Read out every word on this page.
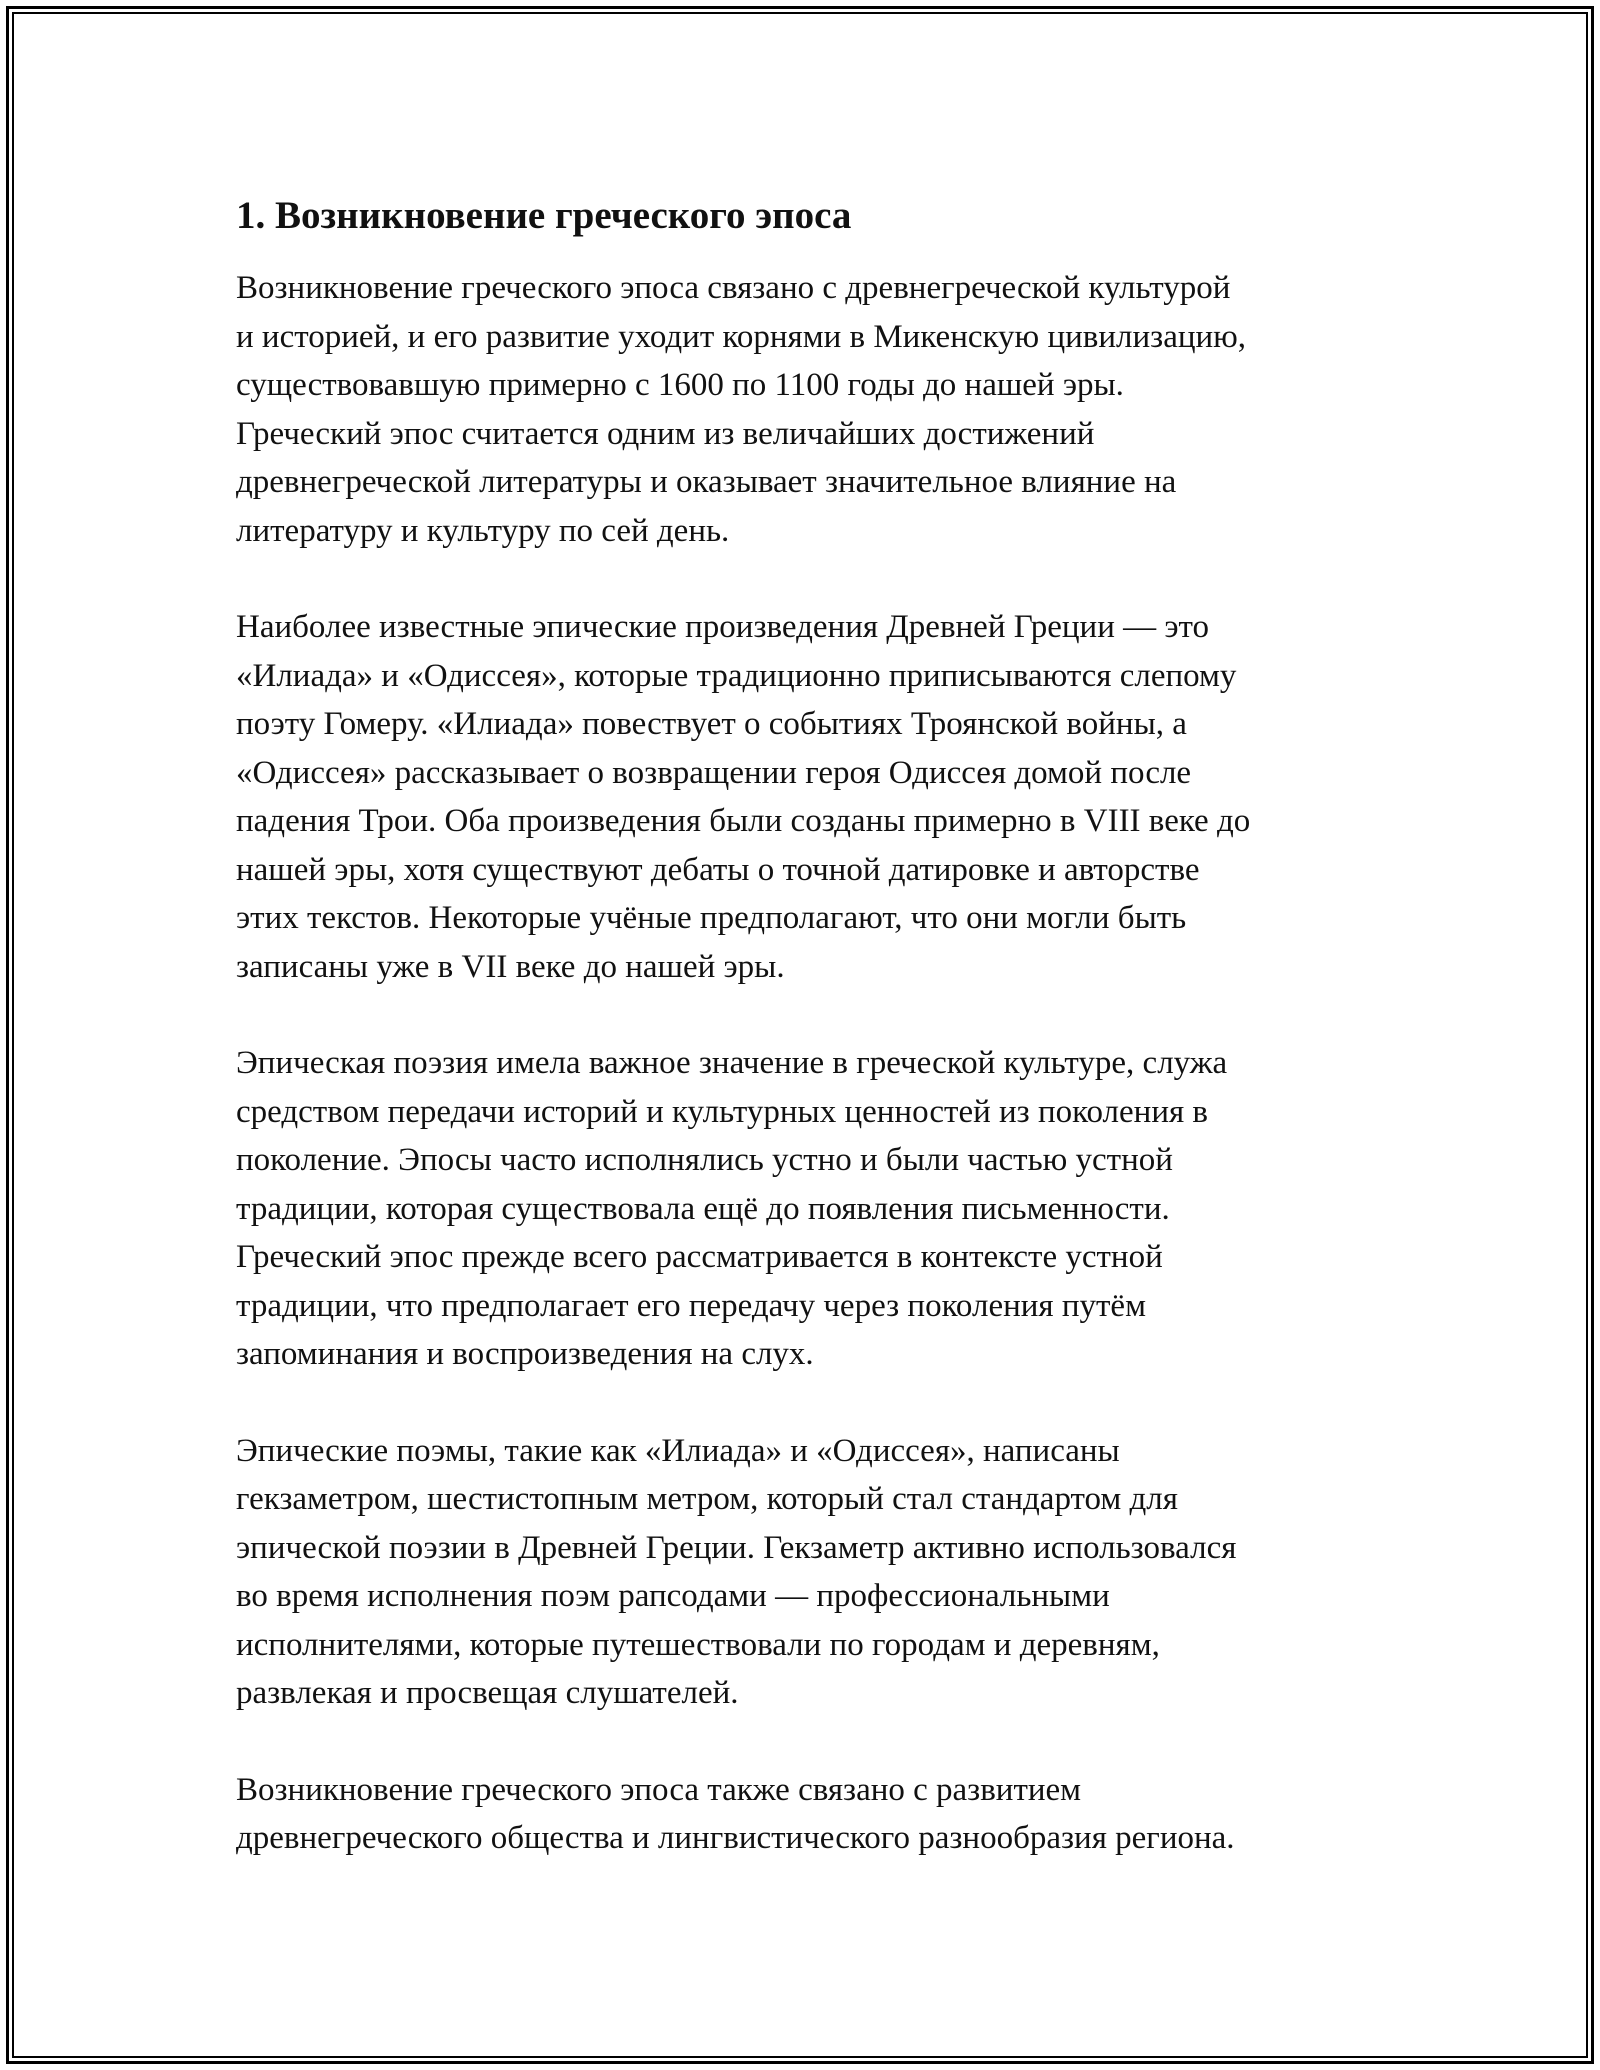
1. Возникновение греческого эпоса

Возникновение греческого эпоса связано с древнегреческой культурой
и историей, и его развитие уходит корнями в Микенскую цивилизацию,
существовавшую примерно с 1600 по 1100 годы до нашей эры.
Греческий эпос считается одним из величайших достижений
древнегреческой литературы и оказывает значительное влияние на
литературу и культуру по сей день.

Наиболее известные эпические произведения Древней Греции — это
«Илиада» и «Одиссея», которые традиционно приписываются слепому
поэту Гомеру. «Илиада» повествует о событиях Троянской войны, а
«Одиссея» рассказывает о возвращении героя Одиссея домой после
падения Трои. Оба произведения были созданы примерно в VIII веке до
нашей эры, хотя существуют дебаты о точной датировке и авторстве
этих текстов. Некоторые учёные предполагают, что они могли быть
записаны уже в VII веке до нашей эры.

Эпическая поэзия имела важное значение в греческой культуре, служа
средством передачи историй и культурных ценностей из поколения в
поколение. Эпосы часто исполнялись устно и были частью устной
традиции, которая существовала ещё до появления письменности.
Греческий эпос прежде всего рассматривается в контексте устной
традиции, что предполагает его передачу через поколения путём
запоминания и воспроизведения на слух.

Эпические поэмы, такие как «Илиада» и «Одиссея», написаны
гекзаметром, шестистопным метром, который стал стандартом для
эпической поэзии в Древней Греции. Гекзаметр активно использовался
во время исполнения поэм рапсодами — профессиональными
исполнителями, которые путешествовали по городам и деревням,
развлекая и просвещая слушателей.

Возникновение греческого эпоса также связано с развитием
древнегреческого общества и лингвистического разнообразия региона.
